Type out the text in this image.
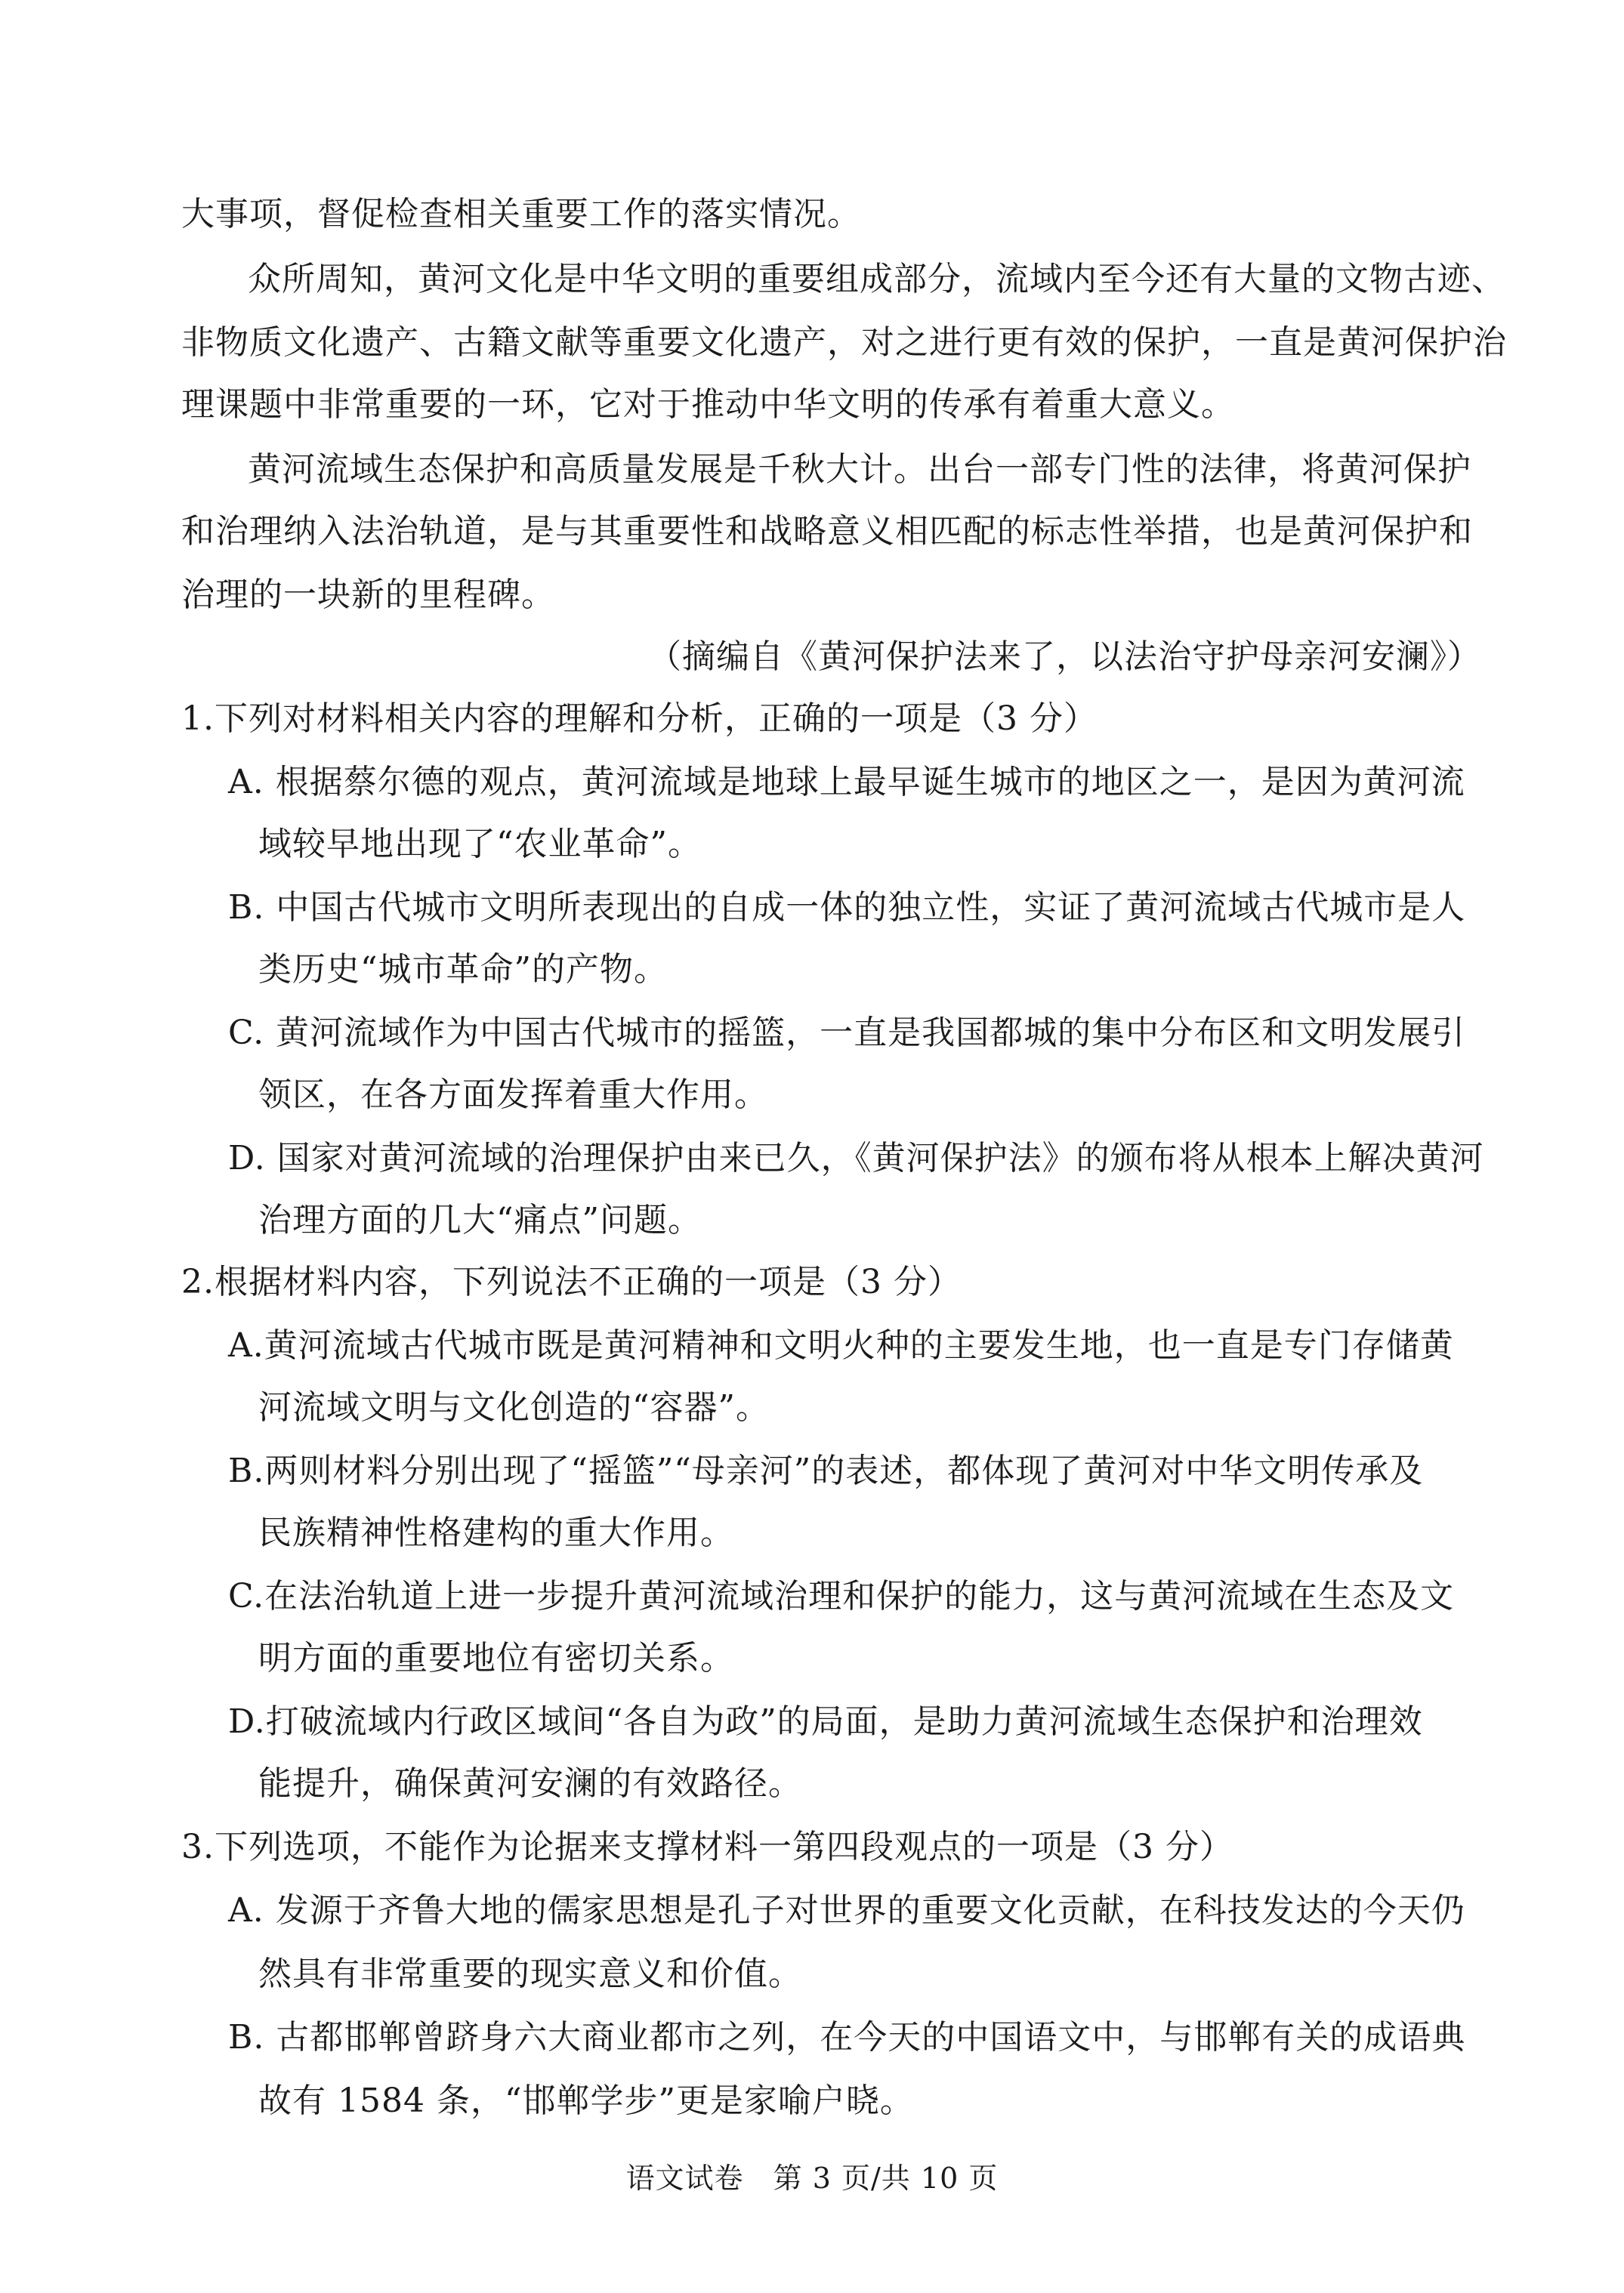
大事项，督促检查相关重要工作的落实情况。
众所周知，黄河文化是中华文明的重要组成部分，流域内至今还有大量的文物古迹、
非物质文化遗产、古籍文献等重要文化遗产，对之进行更有效的保护，一直是黄河保护治
理课题中非常重要的一环，它对于推动中华文明的传承有着重大意义。
黄河流域生态保护和高质量发展是千秋大计。出台一部专门性的法律，将黄河保护
和治理纳入法治轨道，是与其重要性和战略意义相匹配的标志性举措，也是黄河保护和
治理的一块新的里程碑。
（摘编自《黄河保护法来了，以法治守护母亲河安澜》）
1.下列对材料相关内容的理解和分析，正确的一项是（3 分）
A. 根据蔡尔德的观点，黄河流域是地球上最早诞生城市的地区之一，是因为黄河流
域较早地出现了“农业革命”。
B. 中国古代城市文明所表现出的自成一体的独立性，实证了黄河流域古代城市是人
类历史“城市革命”的产物。
C. 黄河流域作为中国古代城市的摇篮，一直是我国都城的集中分布区和文明发展引
领区，在各方面发挥着重大作用。
D. 国家对黄河流域的治理保护由来已久，《黄河保护法》的颁布将从根本上解决黄河
治理方面的几大“痛点”问题。
2.根据材料内容，下列说法不正确的一项是（3 分）
A.黄河流域古代城市既是黄河精神和文明火种的主要发生地，也一直是专门存储黄
河流域文明与文化创造的“容器”。
B.两则材料分别出现了“摇篮”“母亲河”的表述，都体现了黄河对中华文明传承及
民族精神性格建构的重大作用。
C.在法治轨道上进一步提升黄河流域治理和保护的能力，这与黄河流域在生态及文
明方面的重要地位有密切关系。
D.打破流域内行政区域间“各自为政”的局面，是助力黄河流域生态保护和治理效
能提升，确保黄河安澜的有效路径。
3.下列选项，不能作为论据来支撑材料一第四段观点的一项是（3 分）
A. 发源于齐鲁大地的儒家思想是孔子对世界的重要文化贡献，在科技发达的今天仍
然具有非常重要的现实意义和价值。
B. 古都邯郸曾跻身六大商业都市之列，在今天的中国语文中，与邯郸有关的成语典
故有 1584 条，“邯郸学步”更是家喻户晓。
语文试卷　第 3 页/共 10 页
